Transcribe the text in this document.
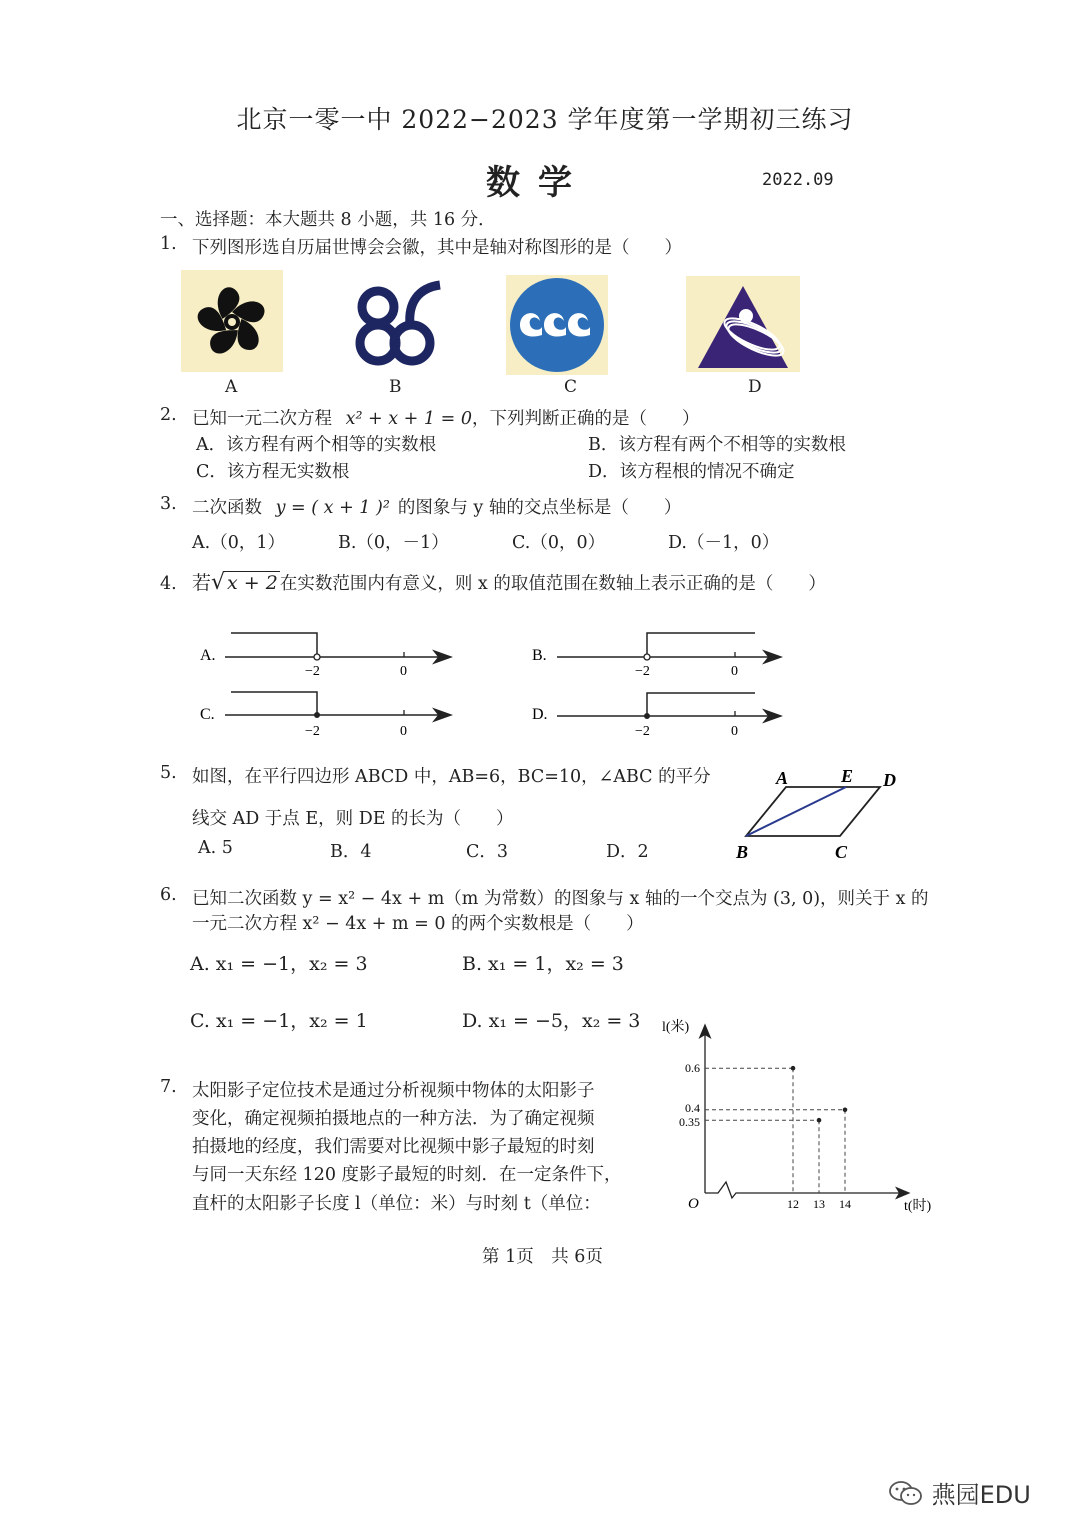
北京一零一中 2022−2023 学年度第一学期初三练习
数学	2022.09
一、选择题：本大题共 8 小题，共 16 分．
1. 下列图形选自历届世博会会徽，其中是轴对称图形的是（　　）
A	B	C	D
2. 已知一元二次方程 x² + x + 1 = 0，下列判断正确的是（　　）
A．该方程有两个相等的实数根	B．该方程有两个不相等的实数根
C．该方程无实数根	D．该方程根的情况不确定
3. 二次函数 y = ( x + 1 )² 的图象与 y 轴的交点坐标是（　　）
A.（0，1）	B.（0，－1）	C.（0，0）	D.（－1，0）
4. 若√ x + 2 在实数范围内有意义，则 x 的取值范围在数轴上表示正确的是（　　）
A.
−2	0
B.
−2	0
C.
−2	0
D.
−2	0
5. 如图，在平行四边形 ABCD 中，AB=6，BC=10，∠ABC 的平分
线交 AD 于点 E，则 DE 的长为（　　）
A. 5	B．4	C．3	D．2
A	E D
B	C
6. 已知二次函数 y = x² − 4x + m（m 为常数）的图象与 x 轴的一个交点为 (3, 0)，则关于 x 的
一元二次方程 x² − 4x + m = 0 的两个实数根是（　　）
A. x₁ = −1，x₂ = 3	B. x₁ = 1，x₂ = 3
C. x₁ = −1，x₂ = 1	D. x₁ = −5，x₂ = 3
7. 太阳影子定位技术是通过分析视频中物体的太阳影子
变化，确定视频拍摄地点的一种方法．为了确定视频
拍摄地的经度，我们需要对比视频中影子最短的时刻
与同一天东经 120 度影子最短的时刻．在一定条件下，
直杆的太阳影子长度 l（单位：米）与时刻 t（单位：	O
l(米)
t(时)
0.6
0.4
0.35
12 13 14
第 1页　共 6页
燕园EDU
